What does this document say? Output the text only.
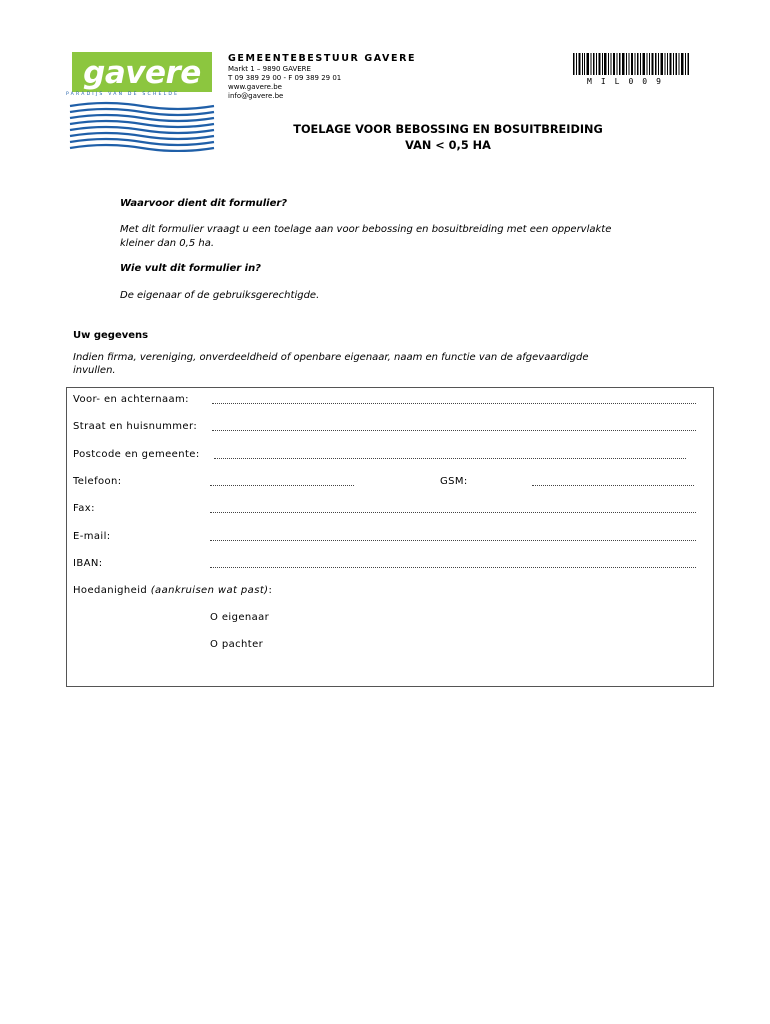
gavere
PARADIJS VAN DE SCHELDE
GEMEENTEBESTUUR GAVERE
Markt 1 – 9890 GAVERE
T 09 389 29 00 - F 09 389 29 01
www.gavere.be
info@gavere.be
MIL009
TOELAGE VOOR BEBOSSING EN BOSUITBREIDING
VAN < 0,5 HA
Waarvoor dient dit formulier?
Met dit formulier vraagt u een toelage aan voor bebossing en bosuitbreiding met een oppervlakte
kleiner dan 0,5 ha.
Wie vult dit formulier in?
De eigenaar of de gebruiksgerechtigde.
Uw gegevens
Indien firma, vereniging, onverdeeldheid of openbare eigenaar, naam en functie van de afgevaardigde
invullen.
Voor- en achternaam:
Straat en huisnummer:
Postcode en gemeente:
Telefoon:	GSM:
Fax:
E-mail:
IBAN:
Hoedanigheid (aankruisen wat past):
O eigenaar
O pachter
